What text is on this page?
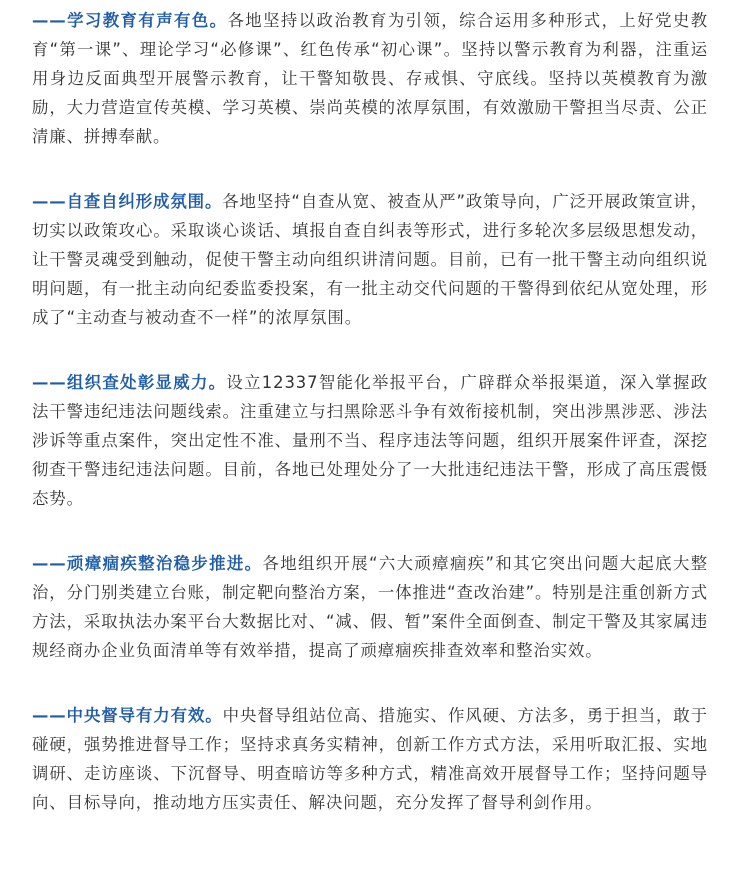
——学习教育有声有色。各地坚持以政治教育为引领，综合运用多种形式，上好党史教育“第一课”、理论学习“必修课”、红色传承“初心课”。坚持以警示教育为利器，注重运用身边反面典型开展警示教育，让干警知敬畏、存戒惧、守底线。坚持以英模教育为激励，大力营造宣传英模、学习英模、崇尚英模的浓厚氛围，有效激励干警担当尽责、公正清廉、拼搏奉献。

——自查自纠形成氛围。各地坚持“自查从宽、被查从严”政策导向，广泛开展政策宣讲，切实以政策攻心。采取谈心谈话、填报自查自纠表等形式，进行多轮次多层级思想发动，让干警灵魂受到触动，促使干警主动向组织讲清问题。目前，已有一批干警主动向组织说明问题，有一批主动向纪委监委投案，有一批主动交代问题的干警得到依纪从宽处理，形成了“主动查与被动查不一样”的浓厚氛围。

——组织查处彰显威力。设立12337智能化举报平台，广辟群众举报渠道，深入掌握政法干警违纪违法问题线索。注重建立与扫黑除恶斗争有效衔接机制，突出涉黑涉恶、涉法涉诉等重点案件，突出定性不准、量刑不当、程序违法等问题，组织开展案件评查，深挖彻查干警违纪违法问题。目前，各地已处理处分了一大批违纪违法干警，形成了高压震慑态势。

——顽瘴痼疾整治稳步推进。各地组织开展“六大顽瘴痼疾”和其它突出问题大起底大整治，分门别类建立台账，制定靶向整治方案，一体推进“查改治建”。特别是注重创新方式方法，采取执法办案平台大数据比对、“减、假、暂”案件全面倒查、制定干警及其家属违规经商办企业负面清单等有效举措，提高了顽瘴痼疾排查效率和整治实效。

——中央督导有力有效。中央督导组站位高、措施实、作风硬、方法多，勇于担当，敢于碰硬，强势推进督导工作；坚持求真务实精神，创新工作方式方法，采用听取汇报、实地调研、走访座谈、下沉督导、明查暗访等多种方式，精准高效开展督导工作；坚持问题导向、目标导向，推动地方压实责任、解决问题，充分发挥了督导利剑作用。
